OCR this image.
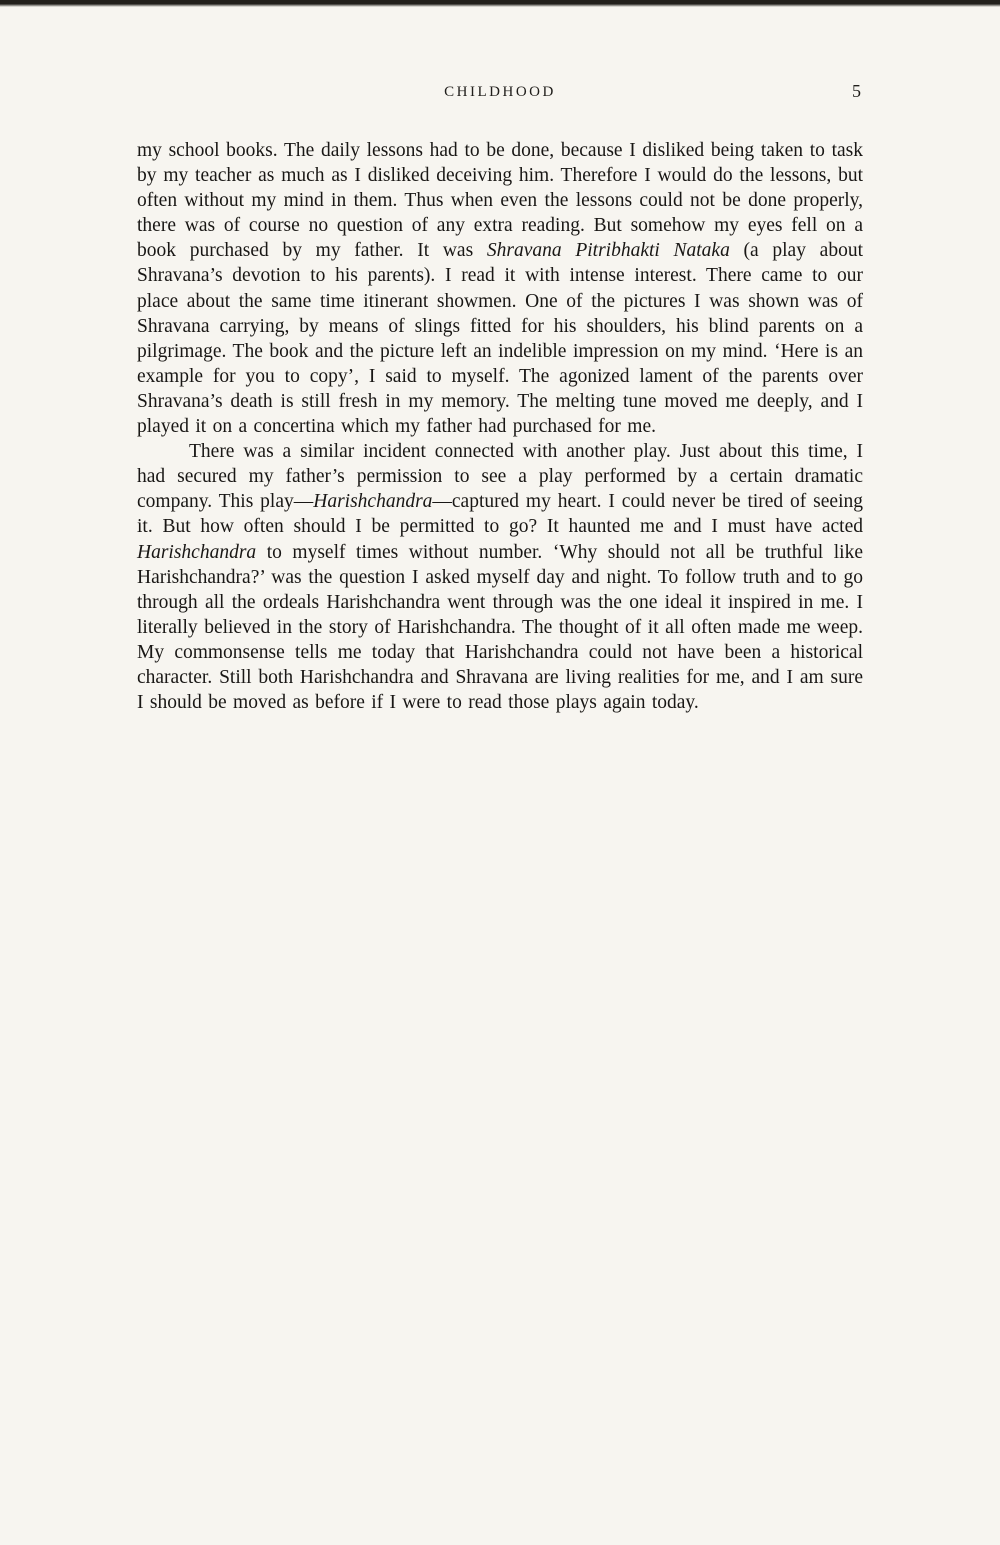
CHILDHOOD	5

my school books. The daily lessons had to be done, because I disliked being taken to task by my teacher as much as I disliked deceiving him. Therefore I would do the lessons, but often without my mind in them. Thus when even the lessons could not be done properly, there was of course no question of any extra reading. But somehow my eyes fell on a book purchased by my father. It was Shravana Pitribhakti Nataka (a play about Shravana’s devotion to his parents). I read it with intense interest. There came to our place about the same time itinerant showmen. One of the pictures I was shown was of Shravana carrying, by means of slings fitted for his shoulders, his blind parents on a pilgrimage. The book and the picture left an indelible impression on my mind. ‘Here is an example for you to copy’, I said to myself. The agonized lament of the parents over Shravana’s death is still fresh in my memory. The melting tune moved me deeply, and I played it on a concertina which my father had purchased for me.

There was a similar incident connected with another play. Just about this time, I had secured my father’s permission to see a play performed by a certain dramatic company. This play—Harishchandra—captured my heart. I could never be tired of seeing it. But how often should I be permitted to go? It haunted me and I must have acted Harishchandra to myself times without number. ‘Why should not all be truthful like Harishchandra?’ was the question I asked myself day and night. To follow truth and to go through all the ordeals Harishchandra went through was the one ideal it inspired in me. I literally believed in the story of Harishchandra. The thought of it all often made me weep. My commonsense tells me today that Harishchandra could not have been a historical character. Still both Harishchandra and Shravana are living realities for me, and I am sure I should be moved as before if I were to read those plays again today.
